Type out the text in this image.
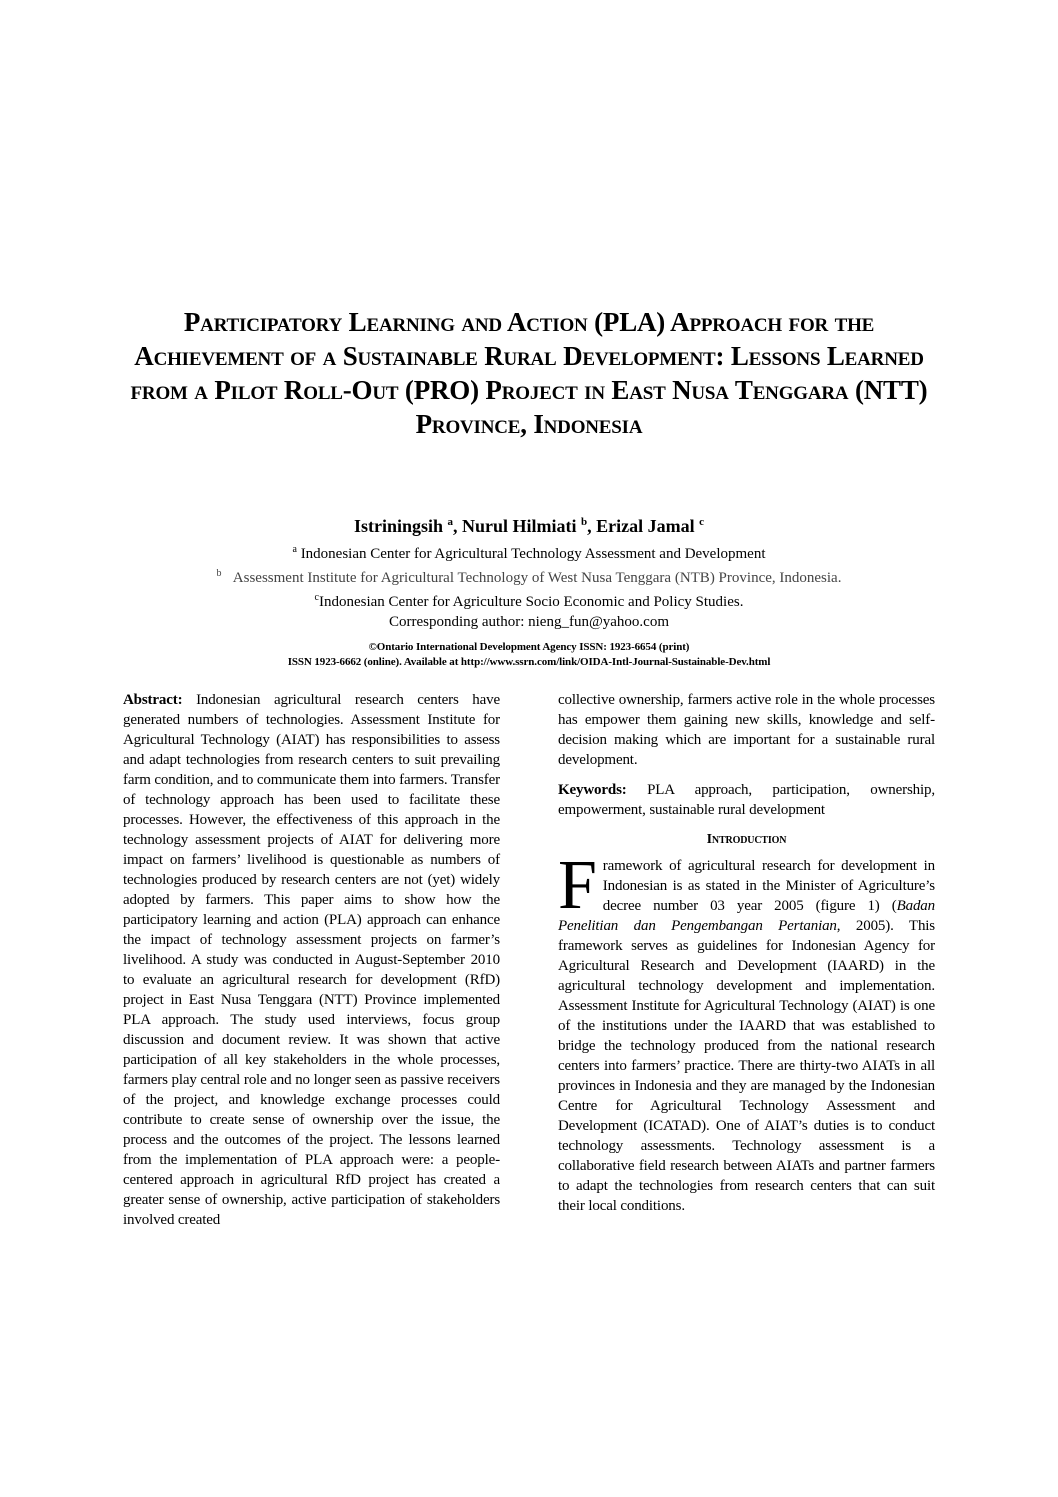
Participatory Learning and Action (PLA) Approach for the Achievement of a Sustainable Rural Development: Lessons Learned from a Pilot Roll-Out (PRO) Project in East Nusa Tenggara (NTT) Province, Indonesia
Istriningsih $^a$, Nurul Hilmiati $^b$, Erizal Jamal $^c$
$^a$ Indonesian Center for Agricultural Technology Assessment and Development
$^b$ Assessment Institute for Agricultural Technology of West Nusa Tenggara (NTB) Province, Indonesia.
$^c$Indonesian Center for Agriculture Socio Economic and Policy Studies.
Corresponding author: nieng_fun@yahoo.com
©Ontario International Development Agency ISSN: 1923-6654 (print)
ISSN 1923-6662 (online). Available at http://www.ssrn.com/link/OIDA-Intl-Journal-Sustainable-Dev.html

Abstract: Indonesian agricultural research centers have generated numbers of technologies. Assessment Institute for Agricultural Technology (AIAT) has responsibilities to assess and adapt technologies from research centers to suit prevailing farm condition, and to communicate them into farmers. Transfer of technology approach has been used to facilitate these processes. However, the effectiveness of this approach in the technology assessment projects of AIAT for delivering more impact on farmers’ livelihood is questionable as numbers of technologies produced by research centers are not (yet) widely adopted by farmers. This paper aims to show how the participatory learning and action (PLA) approach can enhance the impact of technology assessment projects on farmer’s livelihood. A study was conducted in August-September 2010 to evaluate an agricultural research for development (RfD) project in East Nusa Tenggara (NTT) Province implemented PLA approach. The study used interviews, focus group discussion and document review. It was shown that active participation of all key stakeholders in the whole processes, farmers play central role and no longer seen as passive receivers of the project, and knowledge exchange processes could contribute to create sense of ownership over the issue, the process and the outcomes of the project. The lessons learned from the implementation of PLA approach were: a people-centered approach in agricultural RfD project has created a greater sense of ownership, active participation of stakeholders involved created

collective ownership, farmers active role in the whole processes has empower them gaining new skills, knowledge and self-decision making which are important for a sustainable rural development.

Keywords: PLA approach, participation, ownership, empowerment, sustainable rural development

Introduction

Framework of agricultural research for development in Indonesian is as stated in the Minister of Agriculture’s decree number 03 year 2005 (figure 1) (Badan Penelitian dan Pengembangan Pertanian, 2005). This framework serves as guidelines for Indonesian Agency for Agricultural Research and Development (IAARD) in the agricultural technology development and implementation. Assessment Institute for Agricultural Technology (AIAT) is one of the institutions under the IAARD that was established to bridge the technology produced from the national research centers into farmers’ practice. There are thirty-two AIATs in all provinces in Indonesia and they are managed by the Indonesian Centre for Agricultural Technology Assessment and Development (ICATAD). One of AIAT’s duties is to conduct technology assessments. Technology assessment is a collaborative field research between AIATs and partner farmers to adapt the technologies from research centers that can suit their local conditions.
